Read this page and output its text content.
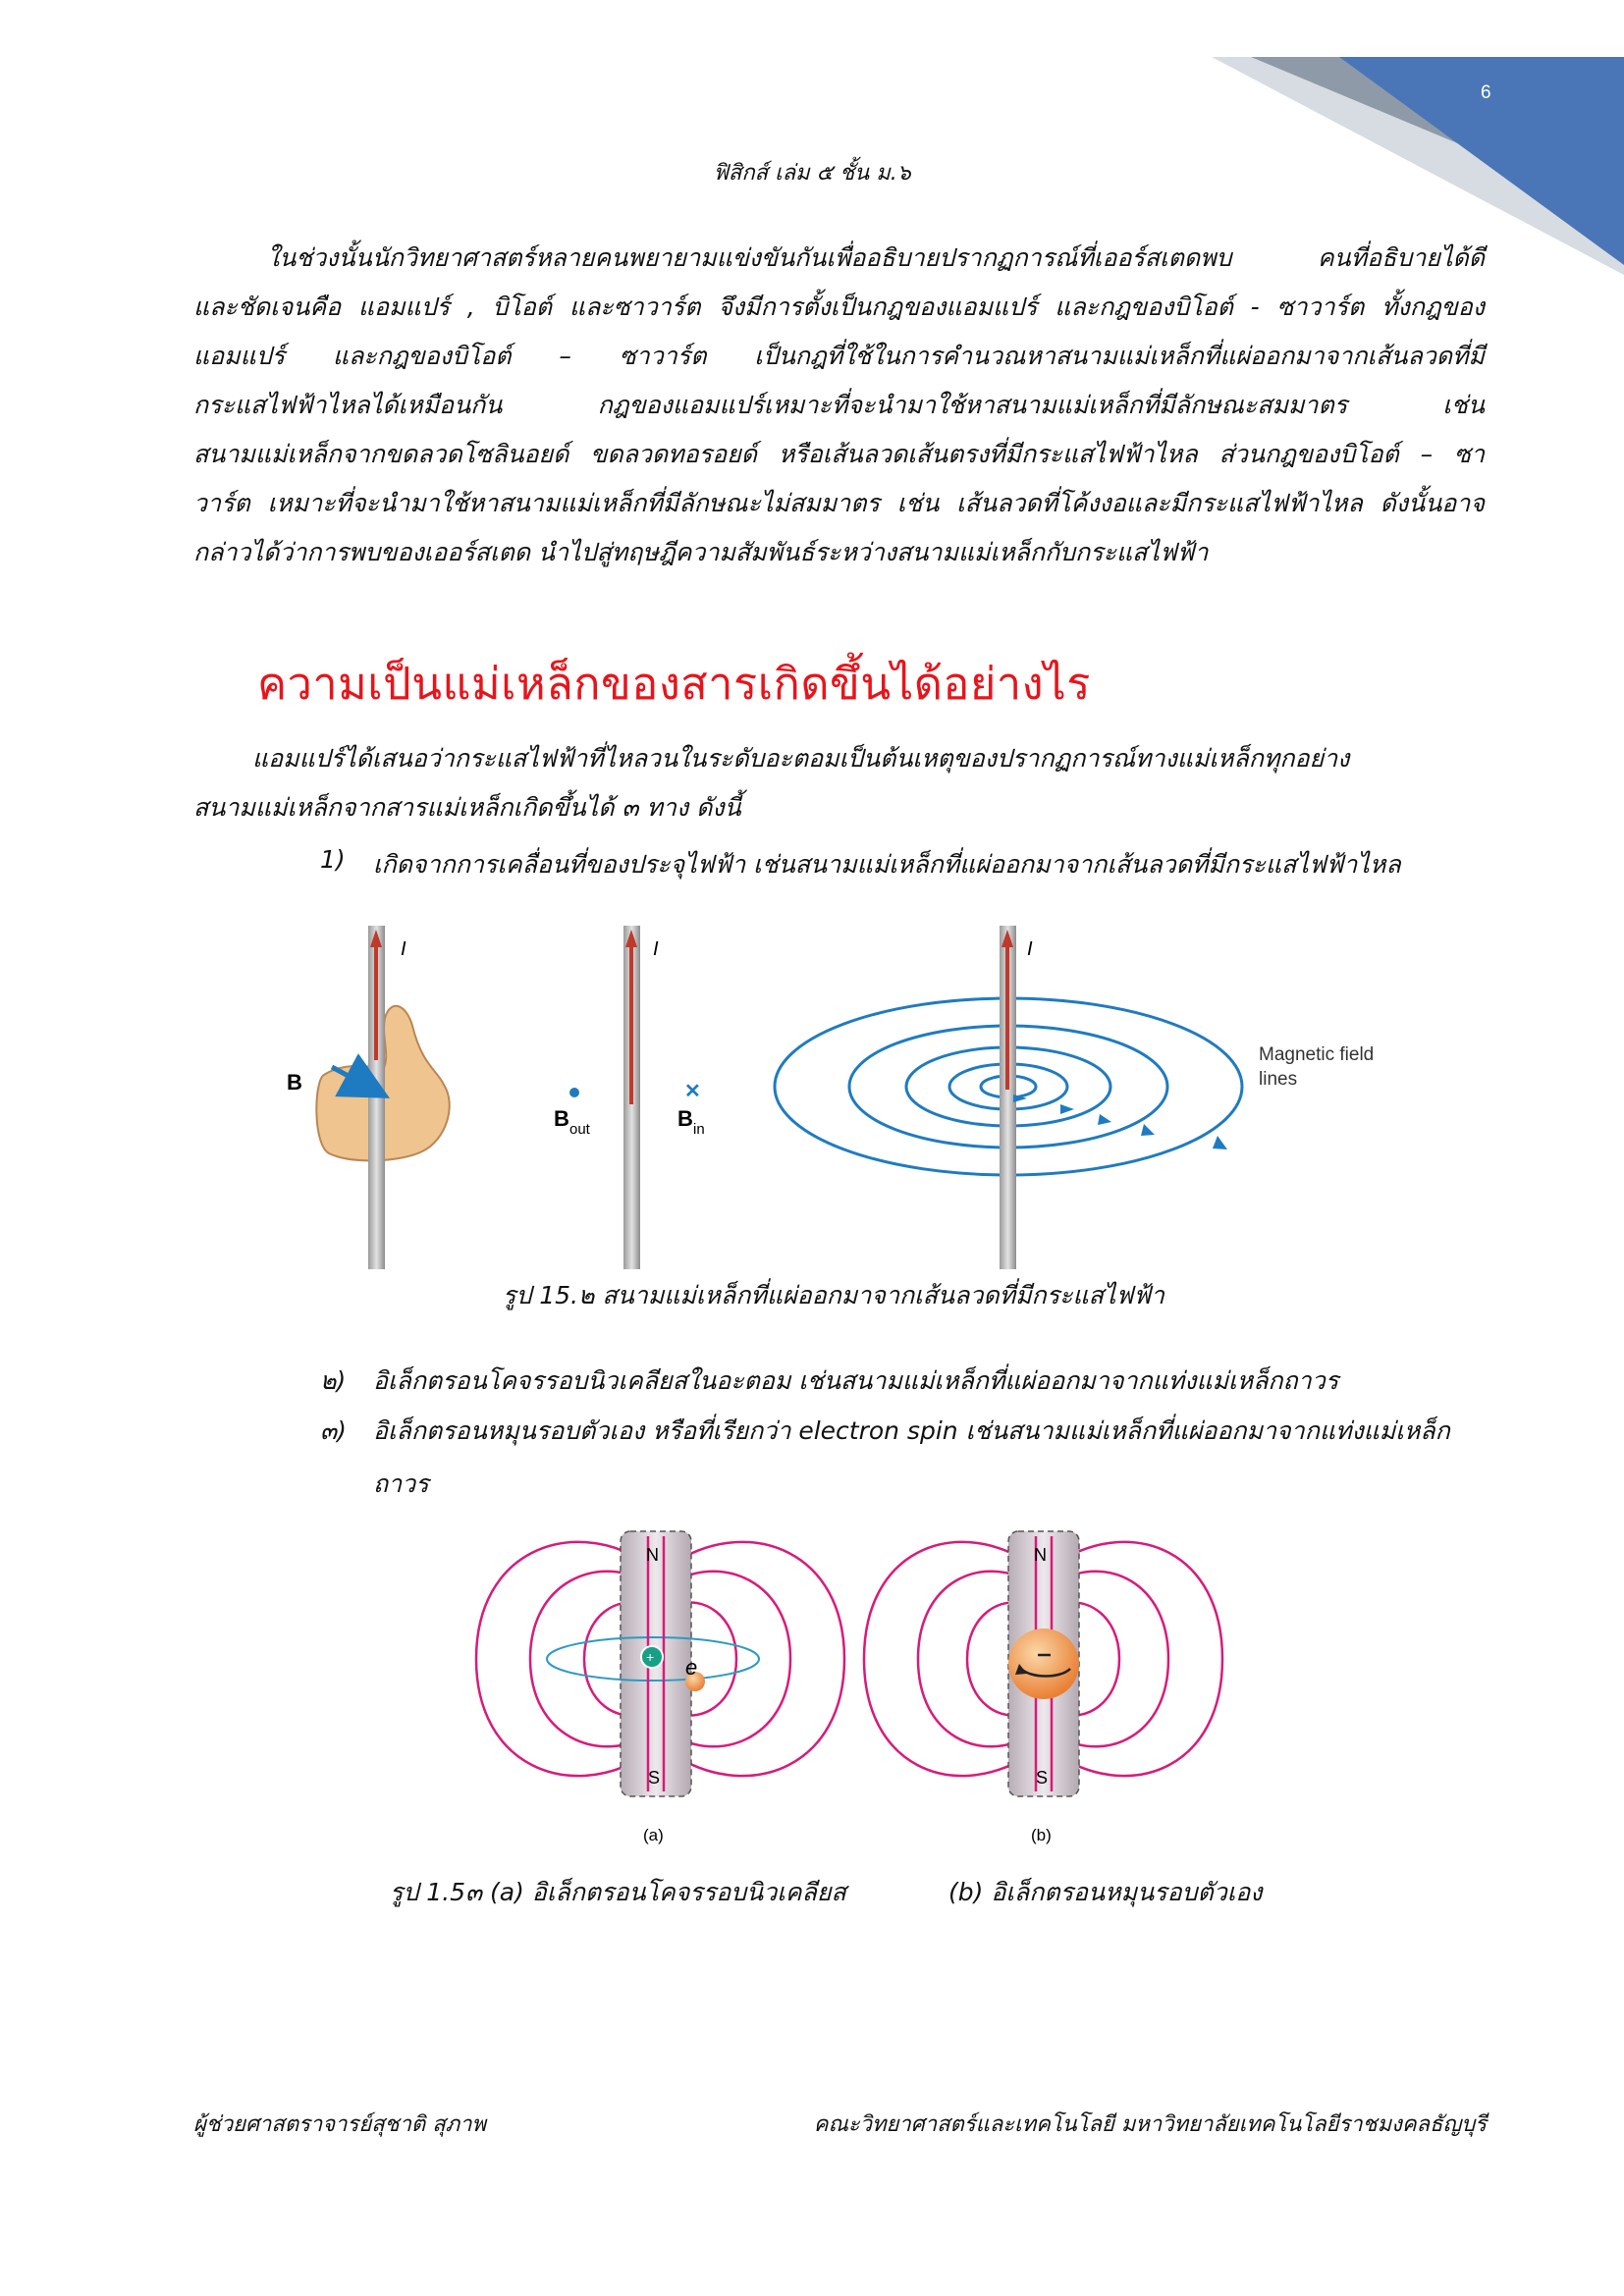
6
ฟิสิกส์ เล่ม ๕ ชั้น ม.๖

ในช่วงนั้นนักวิทยาศาสตร์หลายคนพยายามแข่งขันกันเพื่ออธิบายปรากฏการณ์ที่เออร์สเตดพบ คนที่อธิบายได้ดี

และชัดเจนคือ แอมแปร์ , บิโอต์ และซาวาร์ต จึงมีการตั้งเป็นกฎของแอมแปร์ และกฎของบิโอต์ - ซาวาร์ต ทั้งกฎของ

แอมแปร์ และกฎของบิโอต์ – ซาวาร์ต เป็นกฎที่ใช้ในการคำนวณหาสนามแม่เหล็กที่แผ่ออกมาจากเส้นลวดที่มี

กระแสไฟฟ้าไหลได้เหมือนกัน กฎของแอมแปร์เหมาะที่จะนำมาใช้หาสนามแม่เหล็กที่มีลักษณะสมมาตร เช่น

สนามแม่เหล็กจากขดลวดโซลินอยด์ ขดลวดทอรอยด์ หรือเส้นลวดเส้นตรงที่มีกระแสไฟฟ้าไหล ส่วนกฎของบิโอต์ – ซา

วาร์ต เหมาะที่จะนำมาใช้หาสนามแม่เหล็กที่มีลักษณะไม่สมมาตร เช่น เส้นลวดที่โค้งงอและมีกระแสไฟฟ้าไหล ดังนั้นอาจ

กล่าวได้ว่าการพบของเออร์สเตด นำไปสู่ทฤษฎีความสัมพันธ์ระหว่างสนามแม่เหล็กกับกระแสไฟฟ้า

ความเป็นแม่เหล็กของสารเกิดขึ้นได้อย่างไร

แอมแปร์ได้เสนอว่ากระแสไฟฟ้าที่ไหลวนในระดับอะตอมเป็นต้นเหตุของปรากฏการณ์ทางแม่เหล็กทุกอย่าง

สนามแม่เหล็กจากสารแม่เหล็กเกิดขึ้นได้ ๓ ทาง ดังนี้

1) เกิดจากการเคลื่อนที่ของประจุไฟฟ้า เช่นสนามแม่เหล็กที่แผ่ออกมาจากเส้นลวดที่มีกระแสไฟฟ้าไหล
I
B
I
B out
✕
B in
I
Magnetic field
lines
รูป 15.๒ สนามแม่เหล็กที่แผ่ออกมาจากเส้นลวดที่มีกระแสไฟฟ้า
๒) อิเล็กตรอนโคจรรอบนิวเคลียสในอะตอม เช่นสนามแม่เหล็กที่แผ่ออกมาจากแท่งแม่เหล็กถาวร
๓) อิเล็กตรอนหมุนรอบตัวเอง หรือที่เรียกว่า electron spin เช่นสนามแม่เหล็กที่แผ่ออกมาจากแท่งแม่เหล็ก
ถาวร
+ e
N
S
(a)
N
S
(b)
รูป 1.5๓ (a) อิเล็กตรอนโคจรรอบนิวเคลียส	(b) อิเล็กตรอนหมุนรอบตัวเอง
ผู้ช่วยศาสตราจารย์สุชาติ สุภาพ	คณะวิทยาศาสตร์และเทคโนโลยี มหาวิทยาลัยเทคโนโลยีราชมงคลธัญบุรี
